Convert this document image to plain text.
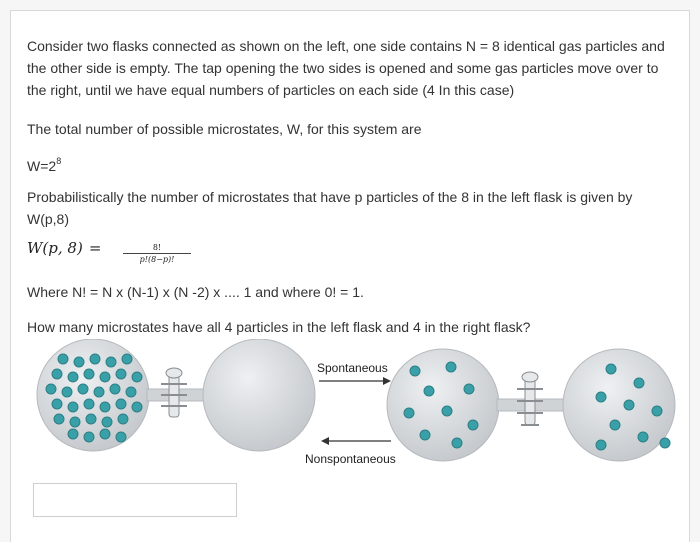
Consider two flasks connected as shown on the left, one side contains N = 8 identical gas particles and the other side is empty. The tap opening the two sides is opened and some gas particles move over to the right, until we have equal numbers of particles on each side (4 In this case)
The total number of possible microstates, W, for this system are
$W=2^8$
Probabilistically the number of microstates that have p particles of the 8 in the left flask is given by W(p,8)
W(p, 8) =	$\frac{8!}{p!(8-p)!}$
Where N! = N x (N-1) x (N -2) x .... 1 and where 0! = 1.
How many microstates have all 4 particles in the left flask and 4 in the right flask?
Spontaneous
Nonspontaneous
